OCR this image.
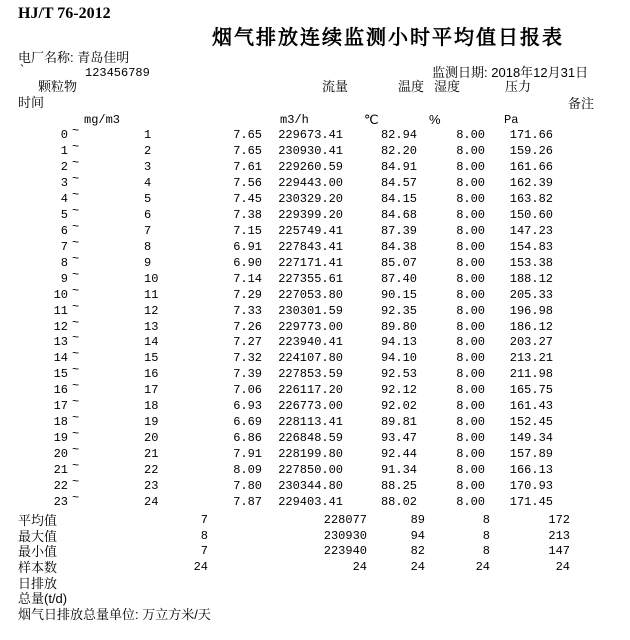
HJ/T 76-2012
烟气排放连续监测小时平均值日报表
电厂名称: 青岛佳明
`	123456789	监测日期: 2018年12月31日
颗粒物	流量	温度 湿度	压力
时间	备注
mg/m3	m3/h	℃	%	Pa
0 ~	1	7.65	229673.41	82.94	8.00	171.66
1 ~	2	7.65	230930.41	82.20	8.00	159.26
2 ~	3	7.61	229260.59	84.91	8.00	161.66
3 ~	4	7.56	229443.00	84.57	8.00	162.39
4 ~	5	7.45	230329.20	84.15	8.00	163.82
5 ~	6	7.38	229399.20	84.68	8.00	150.60
6 ~	7	7.15	225749.41	87.39	8.00	147.23
7 ~	8	6.91	227843.41	84.38	8.00	154.83
8 ~	9	6.90	227171.41	85.07	8.00	153.38
9 ~	10	7.14	227355.61	87.40	8.00	188.12
10 ~	11	7.29	227053.80	90.15	8.00	205.33
11 ~	12	7.33	230301.59	92.35	8.00	196.98
12 ~	13	7.26	229773.00	89.80	8.00	186.12
13 ~	14	7.27	223940.41	94.13	8.00	203.27
14 ~	15	7.32	224107.80	94.10	8.00	213.21
15 ~	16	7.39	227853.59	92.53	8.00	211.98
16 ~	17	7.06	226117.20	92.12	8.00	165.75
17 ~	18	6.93	226773.00	92.02	8.00	161.43
18 ~	19	6.69	228113.41	89.81	8.00	152.45
19 ~	20	6.86	226848.59	93.47	8.00	149.34
20 ~	21	7.91	228199.80	92.44	8.00	157.89
21 ~	22	8.09	227850.00	91.34	8.00	166.13
22 ~	23	7.80	230344.80	88.25	8.00	170.93
23 ~	24	7.87	229403.41	88.02	8.00	171.45
平均值	7	228077	89	8	172
最大值	8	230930	94	8	213
最小值	7	223940	82	8	147
样本数	24	24	24	24	24
日排放
总量(t/d)
烟气日排放总量单位: 万立方米/天
